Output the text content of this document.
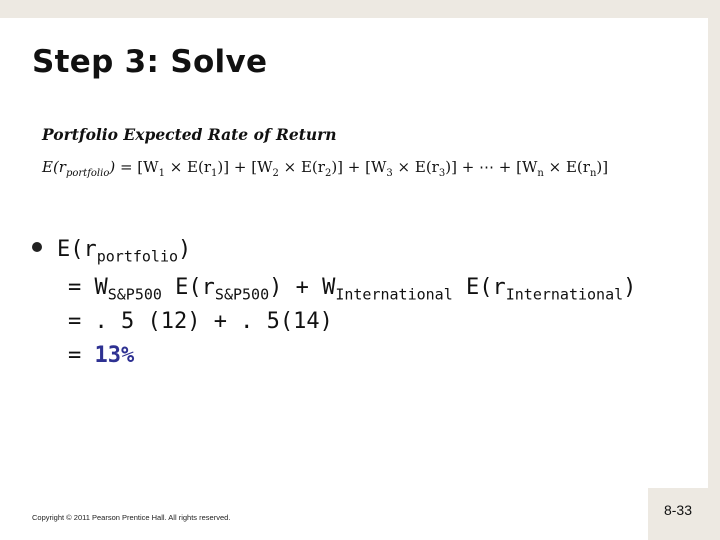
Step 3: Solve
Portfolio Expected Rate of Return
$E(r_{portfolio}) = [W_1 \times E(r_1)] + [W_2 \times E(r_2)] + [W_3 \times E(r_3)]$ + ⋯ + $[W_n \times E(r_n)]$
$E(r_{portfolio})$
= $W_{S\&P500}$ $E(r_{S\&P500}) + W_{International}$ $E(r_{International})$
= . 5 (12) + . 5(14)
= 13%
Copyright © 2011 Pearson Prentice Hall. All rights reserved.	8-33
